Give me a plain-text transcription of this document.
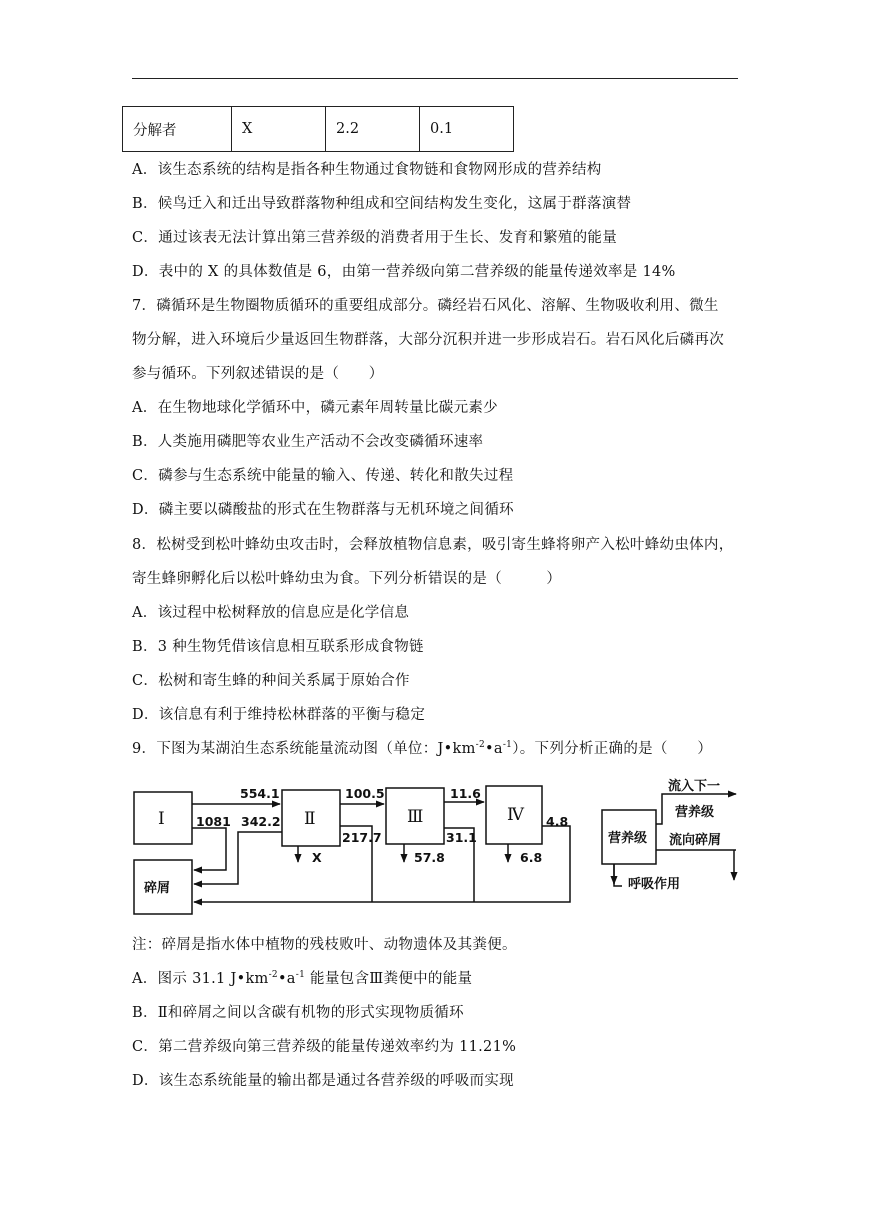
分解者	X	2.2	0.1
A．该生态系统的结构是指各种生物通过食物链和食物网形成的营养结构
B．候鸟迁入和迁出导致群落物种组成和空间结构发生变化，这属于群落演替
C．通过该表无法计算出第三营养级的消费者用于生长、发育和繁殖的能量
D．表中的 X 的具体数值是 6，由第一营养级向第二营养级的能量传递效率是 14%
7．磷循环是生物圈物质循环的重要组成部分。磷经岩石风化、溶解、生物吸收利用、微生
物分解，进入环境后少量返回生物群落，大部分沉积并进一步形成岩石。岩石风化后磷再次
参与循环。下列叙述错误的是（　　）
A．在生物地球化学循环中，磷元素年周转量比碳元素少
B．人类施用磷肥等农业生产活动不会改变磷循环速率
C．磷参与生态系统中能量的输入、传递、转化和散失过程
D．磷主要以磷酸盐的形式在生物群落与无机环境之间循环
8．松树受到松叶蜂幼虫攻击时，会释放植物信息素，吸引寄生蜂将卵产入松叶蜂幼虫体内，
寄生蜂卵孵化后以松叶蜂幼虫为食。下列分析错误的是（　　　）
A．该过程中松树释放的信息应是化学信息
B．3 种生物凭借该信息相互联系形成食物链
C．松树和寄生蜂的种间关系属于原始合作
D．该信息有利于维持松林群落的平衡与稳定
9．下图为某湖泊生态系统能量流动图（单位：$J•km^{-2}•a^{-1}$）。下列分析正确的是（　　）
Ⅰ	Ⅱ	Ⅲ	Ⅳ
碎屑
554.1
1081 342.2
100.5
217.7
X
11.6
31.1
57.8
4.8
6.8
营养级
流入下一
营养级
流向碎屑
呼吸作用
注：碎屑是指水体中植物的残枝败叶、动物遗体及其粪便。
A．图示 31.1 $J•km^{-2}•a^{-1}$ 能量包含Ⅲ粪便中的能量
B．Ⅱ和碎屑之间以含碳有机物的形式实现物质循环
C．第二营养级向第三营养级的能量传递效率约为 11.21%
D．该生态系统能量的输出都是通过各营养级的呼吸而实现
